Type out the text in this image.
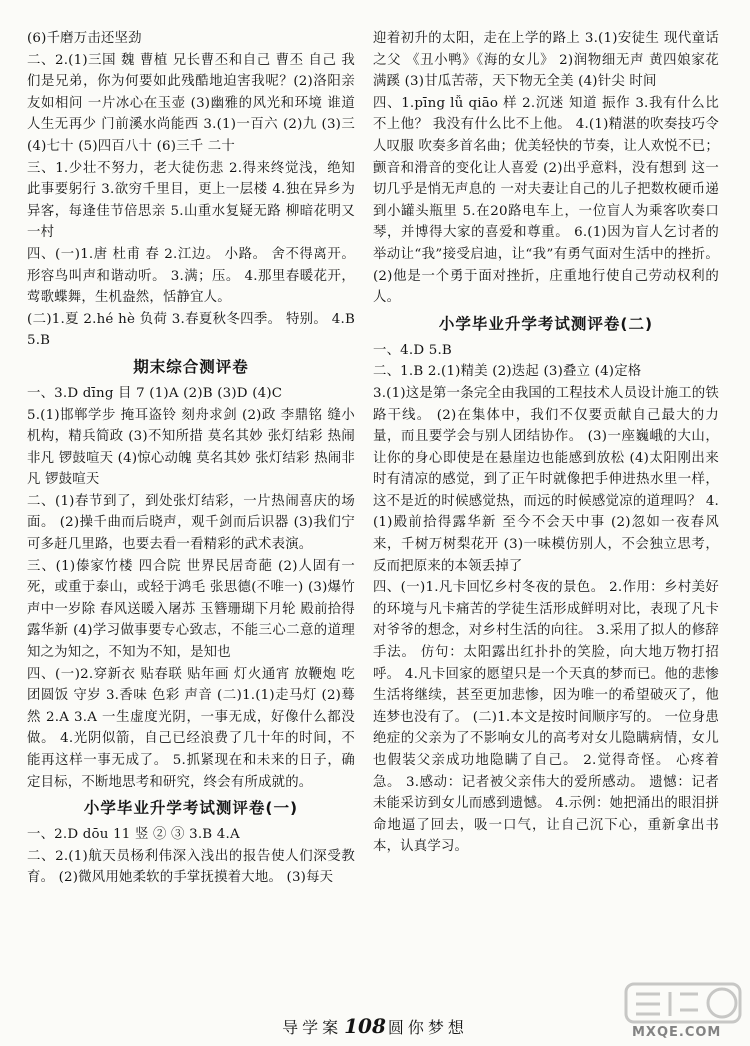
(6)千磨万击还坚劲

二、2.(1)三国 魏 曹植 兄长曹丕和自己 曹丕 自己 我们是兄弟，你为何要如此残酷地迫害我呢？(2)洛阳亲友如相问 一片冰心在玉壶 (3)幽雅的风光和环境 谁道人生无再少 门前溪水尚能西 3.(1)一百六 (2)九 (3)三 (4)七十 (5)四百八十 (6)三千 二十

三、1.少壮不努力，老大徒伤悲 2.得来终觉浅，绝知此事要躬行 3.欲穷千里目，更上一层楼 4.独在异乡为异客，每逢佳节倍思亲 5.山重水复疑无路 柳暗花明又一村

四、(一)1.唐 杜甫 春 2.江边。 小路。 舍不得离开。 形容鸟叫声和谐动听。 3.满；压。 4.那里春暖花开，莺歌蝶舞，生机盎然，恬静宜人。

(二)1.夏 2.hé hè 负荷 3.春夏秋冬四季。 特别。 4.B 5.B

期末综合测评卷

一、3.D dīng 目 7 (1)A (2)B (3)D (4)C

5.(1)邯郸学步 掩耳盗铃 刻舟求剑 (2)政 李鼎铭 缝小机构，精兵简政 (3)不知所措 莫名其妙 张灯结彩 热闹非凡 锣鼓喧天 (4)惊心动魄 莫名其妙 张灯结彩 热闹非凡 锣鼓喧天

二、(1)春节到了，到处张灯结彩，一片热闹喜庆的场面。 (2)操千曲而后晓声，观千剑而后识器 (3)我们宁可多赶几里路，也要去看一看精彩的武术表演。

三、(1)傣家竹楼 四合院 世界民居奇葩 (2)人固有一死，或重于泰山，或轻于鸿毛 张思德(不唯一) (3)爆竹声中一岁除 春风送暖入屠苏 玉簪珊瑚下月轮 殿前拾得露华新 (4)学习做事要专心致志，不能三心二意的道理 知之为知之，不知为不知，是知也

四、(一)2.穿新衣 贴春联 贴年画 灯火通宵 放鞭炮 吃团圆饭 守岁 3.香味 色彩 声音 (二)1.(1)走马灯 (2)蓦然 2.A 3.A 一生虚度光阴，一事无成，好像什么都没做。 4.光阴似箭，自己已经浪费了几十年的时间，不能再这样一事无成了。 5.抓紧现在和未来的日子，确定目标，不断地思考和研究，终会有所成就的。

小学毕业升学考试测评卷(一)

一、2.D dōu 11 竖 ② ③ 3.B 4.A

二、2.(1)航天员杨利伟深入浅出的报告使人们深受教育。 (2)微风用她柔软的手掌抚摸着大地。 (3)每天

迎着初升的太阳，走在上学的路上 3.(1)安徒生 现代童话之父 《丑小鸭》《海的女儿》 2)润物细无声 黄四娘家花满蹊 (3)甘瓜苦蒂，天下物无全美 (4)针尖 时间

四、1.pīng lǚ qiāo 样 2.沉迷 知道 振作 3.我有什么比不上他？ 我没有什么比不上他。 4.(1)精湛的吹奏技巧令人叹服 吹奏多首名曲；优美轻快的节奏，让人欢悦不已；颤音和滑音的变化让人喜爱 (2)出乎意料，没有想到 这一切几乎是悄无声息的 一对夫妻让自己的儿子把数枚硬币递到小罐头瓶里 5.在20路电车上，一位盲人为乘客吹奏口琴，并博得大家的喜爱和尊重。 6.(1)因为盲人乞讨者的举动让“我”接受启迪，让“我”有勇气面对生活中的挫折。 (2)他是一个勇于面对挫折，庄重地行使自己劳动权利的人。

小学毕业升学考试测评卷(二)

一、4.D 5.B

二、1.B 2.(1)精美 (2)迭起 (3)叠立 (4)定格

3.(1)这是第一条完全由我国的工程技术人员设计施工的铁路干线。 (2)在集体中，我们不仅要贡献自己最大的力量，而且要学会与别人团结协作。 (3)一座巍峨的大山，让你的身心即使是在悬崖边也能感到放松 (4)太阳刚出来时有清凉的感觉，到了正午时就像把手伸进热水里一样，这不是近的时候感觉热，而远的时候感觉凉的道理吗？ 4.(1)殿前拾得露华新 至今不会天中事 (2)忽如一夜春风来，千树万树梨花开 (3)一味模仿别人，不会独立思考，反而把原来的本领丢掉了

四、(一)1.凡卡回忆乡村冬夜的景色。 2.作用：乡村美好的环境与凡卡痛苦的学徒生活形成鲜明对比，表现了凡卡对爷爷的想念，对乡村生活的向往。 3.采用了拟人的修辞手法。 仿句：太阳露出红扑扑的笑脸，向大地万物打招呼。 4.凡卡回家的愿望只是一个天真的梦而已。他的悲惨生活将继续，甚至更加悲惨，因为唯一的希望破灭了，他连梦也没有了。 (二)1.本文是按时间顺序写的。 一位身患绝症的父亲为了不影响女儿的高考对女儿隐瞒病情，女儿也假装父亲成功地隐瞒了自己。 2.觉得奇怪。 心疼着急。 3.感动：记者被父亲伟大的爱所感动。 遗憾：记者未能采访到女儿而感到遗憾。 4.示例：她把涌出的眼泪拼命地逼了回去，吸一口气，让自己沉下心，重新拿出书本，认真学习。

导学案 108 圆你梦想	MXQE.COM
